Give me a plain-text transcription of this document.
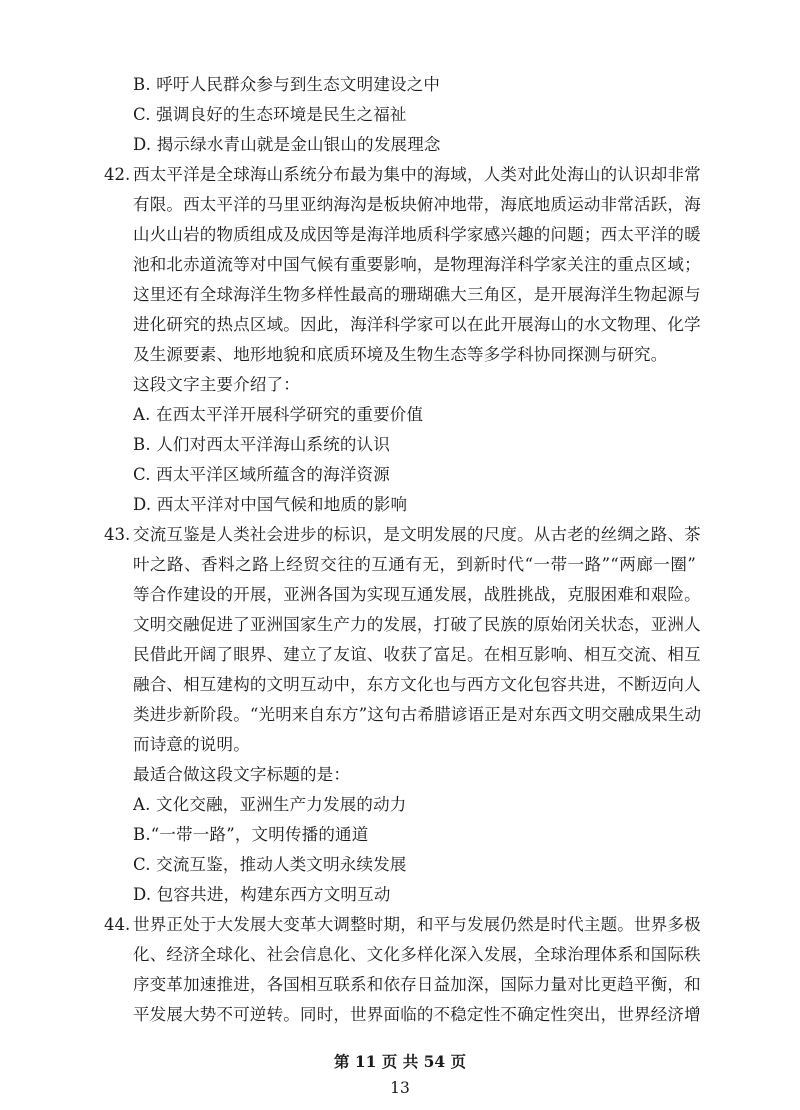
B. 呼吁人民群众参与到生态文明建设之中
C. 强调良好的生态环境是民生之福祉
D. 揭示绿水青山就是金山银山的发展理念
42. 西太平洋是全球海山系统分布最为集中的海域，人类对此处海山的认识却非常
有限。西太平洋的马里亚纳海沟是板块俯冲地带，海底地质运动非常活跃，海
山火山岩的物质组成及成因等是海洋地质科学家感兴趣的问题；西太平洋的暖
池和北赤道流等对中国气候有重要影响，是物理海洋科学家关注的重点区域；
这里还有全球海洋生物多样性最高的珊瑚礁大三角区，是开展海洋生物起源与
进化研究的热点区域。因此，海洋科学家可以在此开展海山的水文物理、化学
及生源要素、地形地貌和底质环境及生物生态等多学科协同探测与研究。
这段文字主要介绍了：
A. 在西太平洋开展科学研究的重要价值
B. 人们对西太平洋海山系统的认识
C. 西太平洋区域所蕴含的海洋资源
D. 西太平洋对中国气候和地质的影响
43. 交流互鉴是人类社会进步的标识，是文明发展的尺度。从古老的丝绸之路、茶
叶之路、香料之路上经贸交往的互通有无，到新时代“一带一路”“两廊一圈”
等合作建设的开展，亚洲各国为实现互通发展，战胜挑战，克服困难和艰险。
文明交融促进了亚洲国家生产力的发展，打破了民族的原始闭关状态，亚洲人
民借此开阔了眼界、建立了友谊、收获了富足。在相互影响、相互交流、相互
融合、相互建构的文明互动中，东方文化也与西方文化包容共进，不断迈向人
类进步新阶段。“光明来自东方”这句古希腊谚语正是对东西文明交融成果生动
而诗意的说明。
最适合做这段文字标题的是：
A. 文化交融，亚洲生产力发展的动力
B.“一带一路”，文明传播的通道
C. 交流互鉴，推动人类文明永续发展
D. 包容共进，构建东西方文明互动
44. 世界正处于大发展大变革大调整时期，和平与发展仍然是时代主题。世界多极
化、经济全球化、社会信息化、文化多样化深入发展，全球治理体系和国际秩
序变革加速推进，各国相互联系和依存日益加深，国际力量对比更趋平衡，和
平发展大势不可逆转。同时，世界面临的不稳定性不确定性突出，世界经济增
第 11 页 共 54 页
13
